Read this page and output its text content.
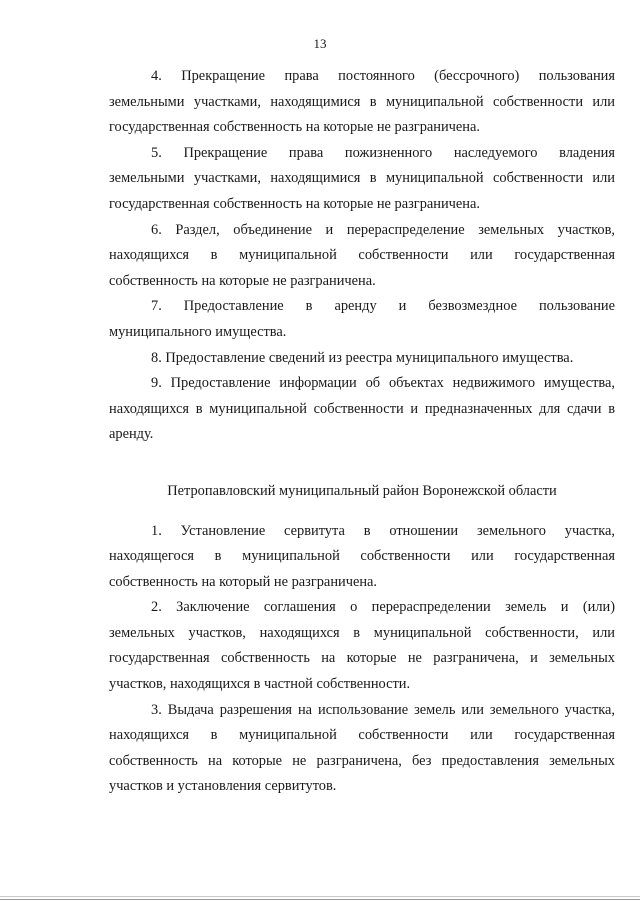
13
4. Прекращение права постоянного (бессрочного) пользования
земельными участками, находящимися в муниципальной собственности или
государственная собственность на которые не разграничена.
5. Прекращение права пожизненного наследуемого владения
земельными участками, находящимися в муниципальной собственности или
государственная собственность на которые не разграничена.
6. Раздел, объединение и перераспределение земельных участков,
находящихся в муниципальной собственности или государственная
собственность на которые не разграничена.
7. Предоставление в аренду и безвозмездное пользование
муниципального имущества.
8. Предоставление сведений из реестра муниципального имущества.
9. Предоставление информации об объектах недвижимого имущества,
находящихся в муниципальной собственности и предназначенных для сдачи в
аренду.
Петропавловский муниципальный район Воронежской области
1. Установление сервитута в отношении земельного участка,
находящегося в муниципальной собственности или государственная
собственность на который не разграничена.
2. Заключение соглашения о перераспределении земель и (или)
земельных участков, находящихся в муниципальной собственности, или
государственная собственность на которые не разграничена, и земельных
участков, находящихся в частной собственности.
3. Выдача разрешения на использование земель или земельного участка,
находящихся в муниципальной собственности или государственная
собственность на которые не разграничена, без предоставления земельных
участков и установления сервитутов.
